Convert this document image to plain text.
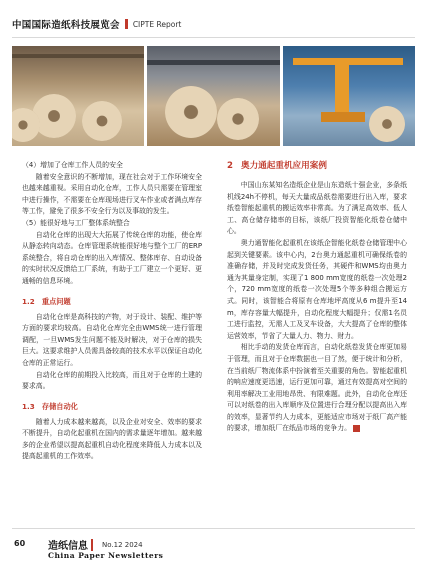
中国国际造纸科技展览会 CIPTE Report

（4）增加了仓库工作人员的安全

随着安全意识的不断增加，现在社会对于工作环境安全也越来越重视。采用自动化仓库，工作人员只需要在管理室中进行操作，不需要在仓库现场进行叉车作业或者满点库存等工作，避免了很多不安全行为以及事故的发生。

（5）能很好地与工厂整体系统整合

自动化仓库的出现大大拓展了传统仓库的功能，使仓库从静态转向动态。仓库管理系统能很好地与整个工厂的ERP系统整合，将自动仓库的出入库情况、整体库存、自动设备的实时状况反馈给工厂系统，有助于工厂建立一个更好、更通畅的信息环境。

1.2　重点问题

自动化仓库是高科技的产物，对于设计、装配、维护等方面的要求均较高。自动化仓库完全由WMS统一进行管理调配，一旦WMS发生问题不能及时解决，对于仓库的损失巨大。这要求维护人员需具备较高的技术水平以保证自动化仓库的正常运行。

自动化仓库的前期投入比较高，而且对于仓库的土建的要求高。

1.3　存储自动化

随着人力成本越来越高，以及企业对安全、效率的要求不断提升，自动化起重机在国内的需求量逐年增加。越来越多的企业希望以提高起重机自动化程度来降低人力成本以及提高起重机的工作效率。

2 奥力通起重机应用案例

中国山东某知名造纸企业是山东造纸十强企业，多条纸机线24h不停机，每天大量成品纸卷需要进行出入库，要求纸卷智能起重机的搬运效率非常高。为了满足高效率、低人工、高仓储存储率的目标，该纸厂投资智能化纸卷仓储中心。

奥力通智能化起重机在该纸企智能化纸卷仓储管理中心起到关键要素。该中心内，2台奥力通起重机可确保纸卷的准确存储，并及时完成发货任务，其硬件和WMS均由奥力通为其量身定制，实现了1 800 mm宽度的纸卷一次处理2个，720 mm宽度的纸卷一次处理5个等多种组合搬运方式。同时，该智能合将原有仓库地坪高度从6 m提升至14 m，库存容量大幅提升，自动化程度大幅提升；仅需1名员工进行监控，无需人工及叉车设备，大大提高了仓库的整体运营效率，节省了大量人力、物力、财力。

相比手动的发货仓库而言，自动化纸卷发货仓库更加易于管理，而且对于仓库数据也一目了然，便于统计和分析，在当前纸厂物流体系中扮演着至关重要的角色。智能起重机的响应速度更迅速，运行更加可靠，通过有效提高对空间的利用率解决工业用地昂贵、有限难题。此外，自动化仓库还可以对纸卷的出入库顺序及位置进行合理分配以提高出入库的效率，显著节约人力成本，更能适应市场对于纸厂高产能的要求，增加纸厂在纸品市场的竞争力。

60 造纸信息 No.12 2024
China Paper Newsletters
